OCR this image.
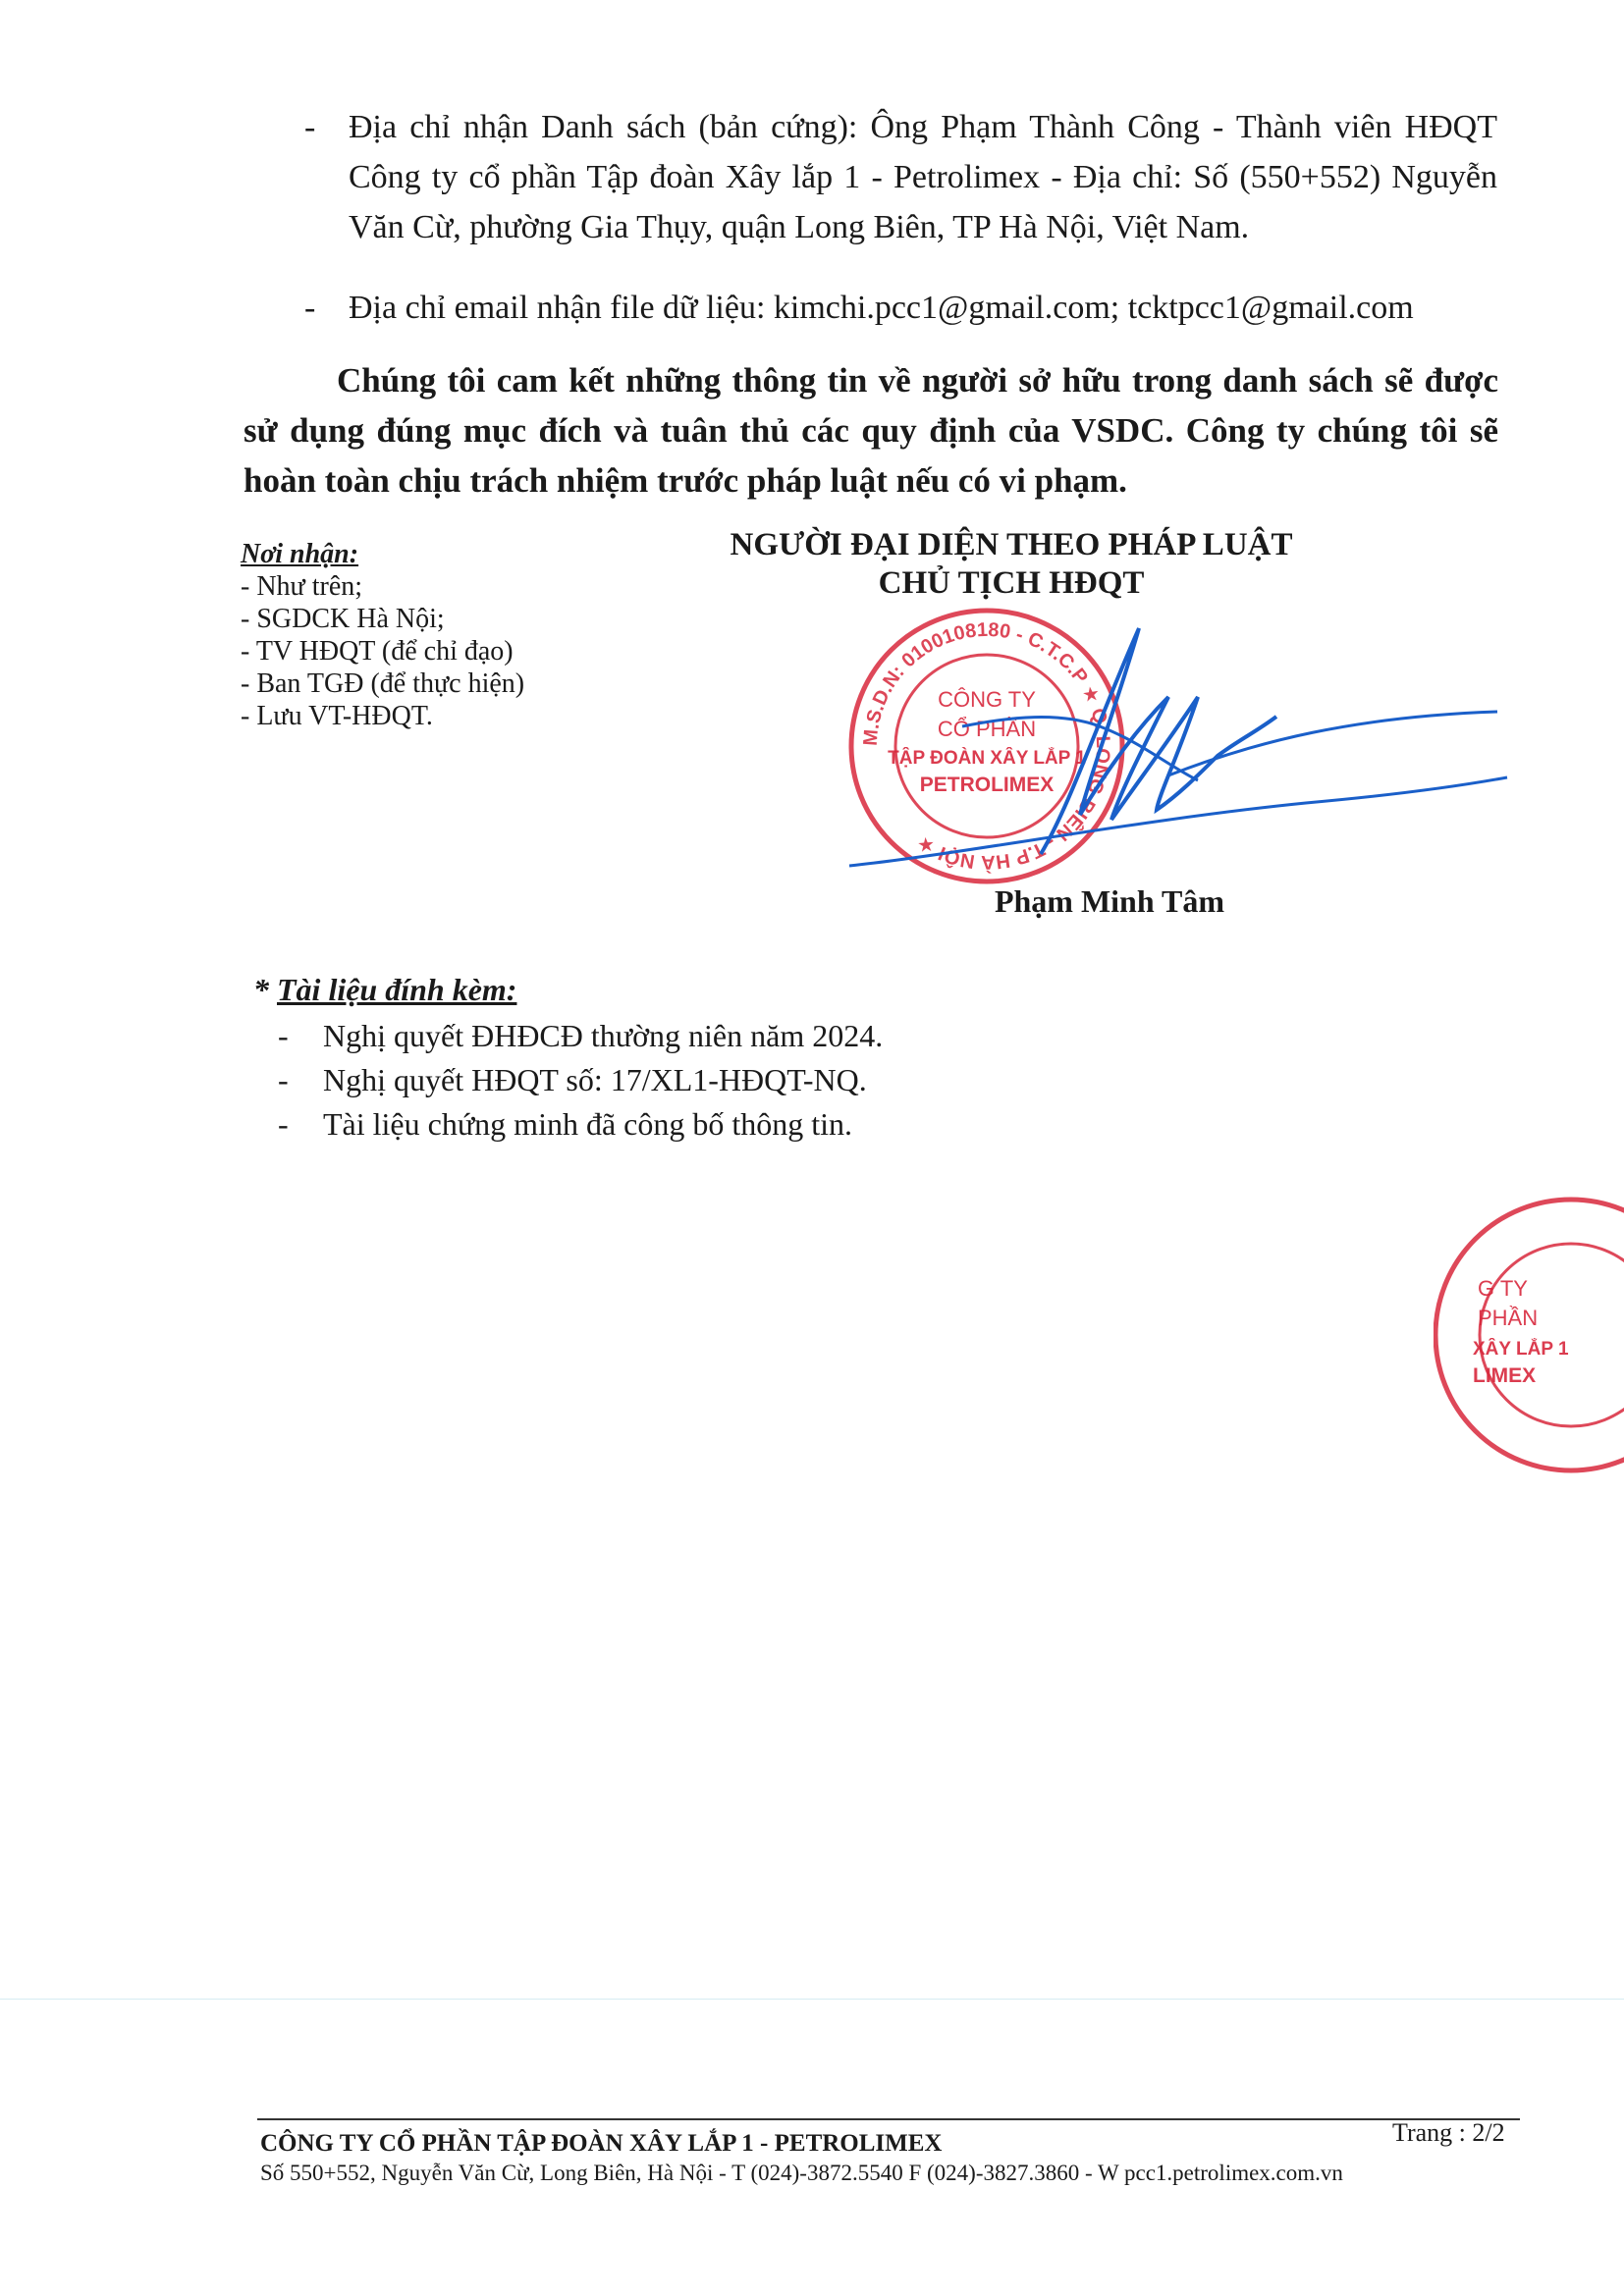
- Địa chỉ nhận Danh sách (bản cứng): Ông Phạm Thành Công - Thành viên HĐQT Công ty cổ phần Tập đoàn Xây lắp 1 - Petrolimex - Địa chỉ: Số (550+552) Nguyễn Văn Cừ, phường Gia Thụy, quận Long Biên, TP Hà Nội, Việt Nam.
- Địa chỉ email nhận file dữ liệu: kimchi.pcc1@gmail.com; tcktpcc1@gmail.com
Chúng tôi cam kết những thông tin về người sở hữu trong danh sách sẽ được sử dụng đúng mục đích và tuân thủ các quy định của VSDC. Công ty chúng tôi sẽ hoàn toàn chịu trách nhiệm trước pháp luật nếu có vi phạm.
Nơi nhận:
- Như trên;
- SGDCK Hà Nội;
- TV HĐQT (để chỉ đạo)
- Ban TGĐ (để thực hiện)
- Lưu VT-HĐQT.
NGƯỜI ĐẠI DIỆN THEO PHÁP LUẬT
CHỦ TỊCH HĐQT
M.S.D.N: 0100108180 - C.T.C.P ★ Q. LONG BIÊN - T.P HÀ NỘI ★
CÔNG TY
CỔ PHẦN
TẬP ĐOÀN XÂY LẮP 1
PETROLIMEX
Phạm Minh Tâm
* Tài liệu đính kèm:
- Nghị quyết ĐHĐCĐ thường niên năm 2024.
- Nghị quyết HĐQT số: 17/XL1-HĐQT-NQ.
- Tài liệu chứng minh đã công bố thông tin.
G TY
PHẦN
XÂY LẮP 1
LIMEX
Trang : 2/2
CÔNG TY CỔ PHẦN TẬP ĐOÀN XÂY LẮP 1 - PETROLIMEX
Số 550+552, Nguyễn Văn Cừ, Long Biên, Hà Nội - T (024)-3872.5540 F (024)-3827.3860 - W pcc1.petrolimex.com.vn
